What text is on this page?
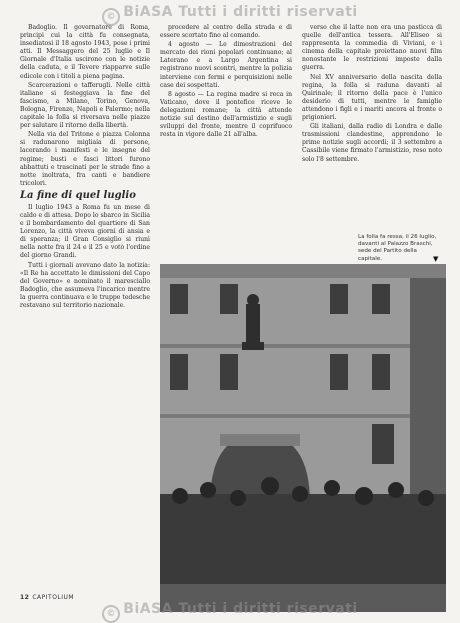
© BiASA Tutti i diritti riservati

Badoglio. Il governatore di Roma, principi cui la città fu consegnata, insediatosi il 18 agosto 1943, pose i primi atti. Il Messaggero del 25 luglio e Il Giornale d'Italia uscirono con le notizie della caduta, e il Tevere riapparve sulle edicole con i titoli a piena pagina.

Scarcerazioni e tafferugli. Nelle città italiane si festeggiava la fine del fascismo, a Milano, Torino, Genova, Bologna, Firenze, Napoli e Palermo; nella capitale la folla si riversava nelle piazze per salutare il ritorno della libertà.

Nella via del Tritone e piazza Colonna si radunarono migliaia di persone, lacerando i manifesti e le insegne del regime; busti e fasci littori furono abbattuti e trascinati per le strade fino a notte inoltrata, fra canti e bandiere tricolori.

La fine di quel luglio

Il luglio 1943 a Roma fu un mese di caldo e di attesa. Dopo lo sbarco in Sicilia e il bombardamento del quartiere di San Lorenzo, la città viveva giorni di ansia e di speranza; il Gran Consiglio si riunì nella notte fra il 24 e il 25 e votò l'ordine del giorno Grandi.

Tutti i giornali avevano dato la notizia: «Il Re ha accettato le dimissioni del Capo del Governo» e nominato il maresciallo Badoglio, che assumeva l'incarico mentre la guerra continuava e le truppe tedesche restavano sul territorio nazionale.

procedere al centro della strada e di essere scortato fino al comando.

4 agosto — Le dimostrazioni del mercato dei rioni popolari continuano; al Laterano e a Largo Argentina si registrano nuovi scontri, mentre la polizia interviene con fermi e perquisizioni nelle case dei sospettati.

8 agosto — La regina madre si reca in Vaticano, dove il pontefice riceve le delegazioni romane; la città attende notizie sul destino dell'armistizio e sugli sviluppi del fronte, mentre il coprifuoco resta in vigore dalle 21 all'alba.

verso che il latte non era una pasticca di quelle dell'antica tessera. All'Eliseo si rappresenta la commedia di Viviani, e i cinema della capitale proiettano nuovi film nonostante le restrizioni imposte dalla guerra.

Nel XV anniversario della nascita della regina, la folla si raduna davanti al Quirinale; il ritorno della pace è l'unico desiderio di tutti, mentre le famiglie attendono i figli e i mariti ancora al fronte o prigionieri.

Gli italiani, dalla radio di Londra e dalle trasmissioni clandestine, apprendono le prime notizie sugli accordi; il 3 settembre a Cassibile viene firmato l'armistizio, reso noto solo l'8 settembre.

La folla fa ressa, il 26 luglio, davanti al Palazzo Braschi, sede del Partito della capitale.	▼
12 CAPITOLIUM
© BiASA Tutti i diritti riservati
